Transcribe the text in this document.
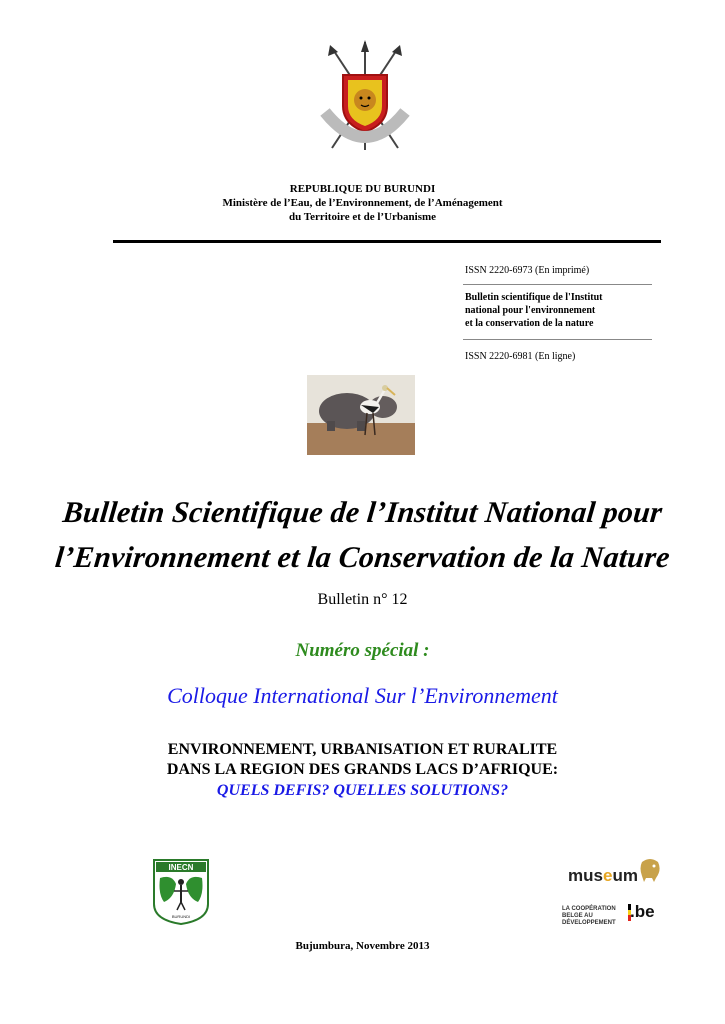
REPUBLIQUE DU BURUNDI
Ministère de l’Eau, de l’Environnement, de l’Aménagement
du Territoire et de l’Urbanisme
ISSN 2220-6973 (En imprimé)
Bulletin scientifique de l'Institut
national pour l'environnement
et la conservation de la nature
ISSN 2220-6981 (En ligne)
Bulletin Scientifique de l’Institut National pour
l’Environnement et la Conservation de la Nature
Bulletin n° 12
Numéro spécial :
Colloque International Sur l’Environnement
ENVIRONNEMENT, URBANISATION ET RURALITE
DANS LA REGION DES GRANDS LACS D’AFRIQUE:
QUELS DEFIS? QUELLES SOLUTIONS?
INECN
BURUNDI
museum
LA COOPÉRATION
BELGE AU DÉVELOPPEMENT
.be
Bujumbura, Novembre 2013
